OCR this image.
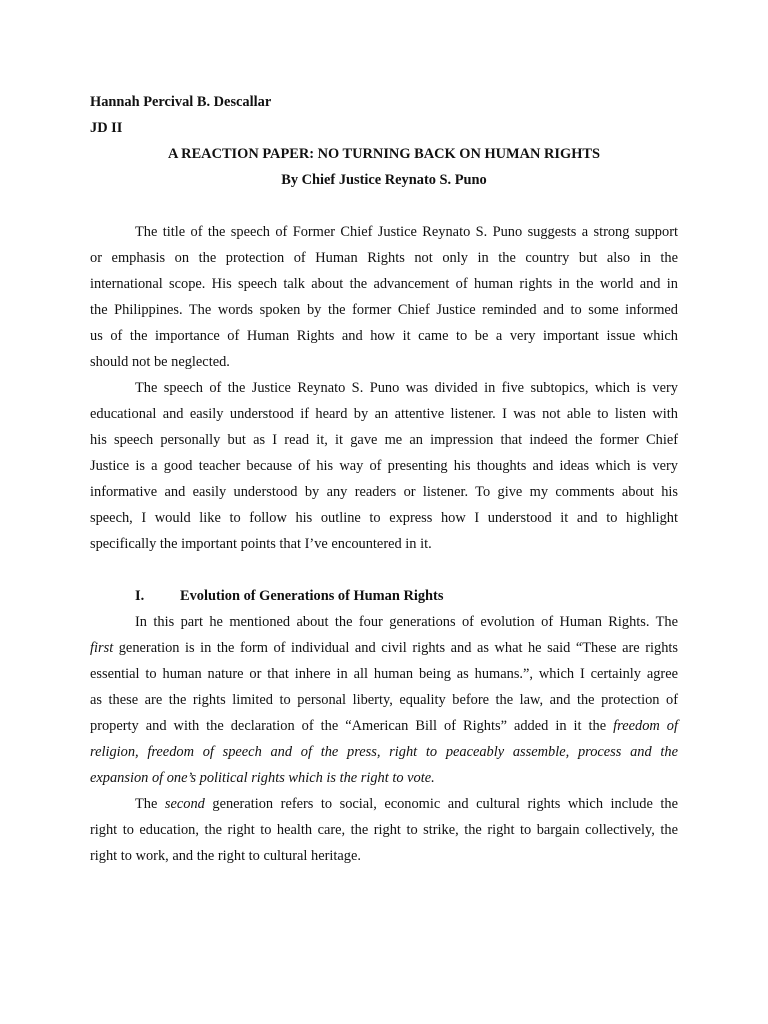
Hannah Percival B. Descallar
JD II
A REACTION PAPER: NO TURNING BACK ON HUMAN RIGHTS
By Chief Justice Reynato S. Puno
The title of the speech of Former Chief Justice Reynato S. Puno suggests a strong support
or emphasis on the protection of Human Rights not only in the country but also in the
international scope. His speech talk about the advancement of human rights in the world and in
the Philippines. The words spoken by the former Chief Justice reminded and to some informed
us of the importance of Human Rights and how it came to be a very important issue which
should not be neglected.
The speech of the Justice Reynato S. Puno was divided in five subtopics, which is very
educational and easily understood if heard by an attentive listener. I was not able to listen with
his speech personally but as I read it, it gave me an impression that indeed the former Chief
Justice is a good teacher because of his way of presenting his thoughts and ideas which is very
informative and easily understood by any readers or listener. To give my comments about his
speech, I would like to follow his outline to express how I understood it and to highlight
specifically the important points that I’ve encountered in it.
I.	Evolution of Generations of Human Rights
In this part he mentioned about the four generations of evolution of Human Rights. The
first generation is in the form of individual and civil rights and as what he said “These are rights
essential to human nature or that inhere in all human being as humans.”, which I certainly agree
as these are the rights limited to personal liberty, equality before the law, and the protection of
property and with the declaration of the “American Bill of Rights” added in it the freedom of
religion, freedom of speech and of the press, right to peaceably assemble, process and the
expansion of one’s political rights which is the right to vote.
The second generation refers to social, economic and cultural rights which include the
right to education, the right to health care, the right to strike, the right to bargain collectively, the
right to work, and the right to cultural heritage.
